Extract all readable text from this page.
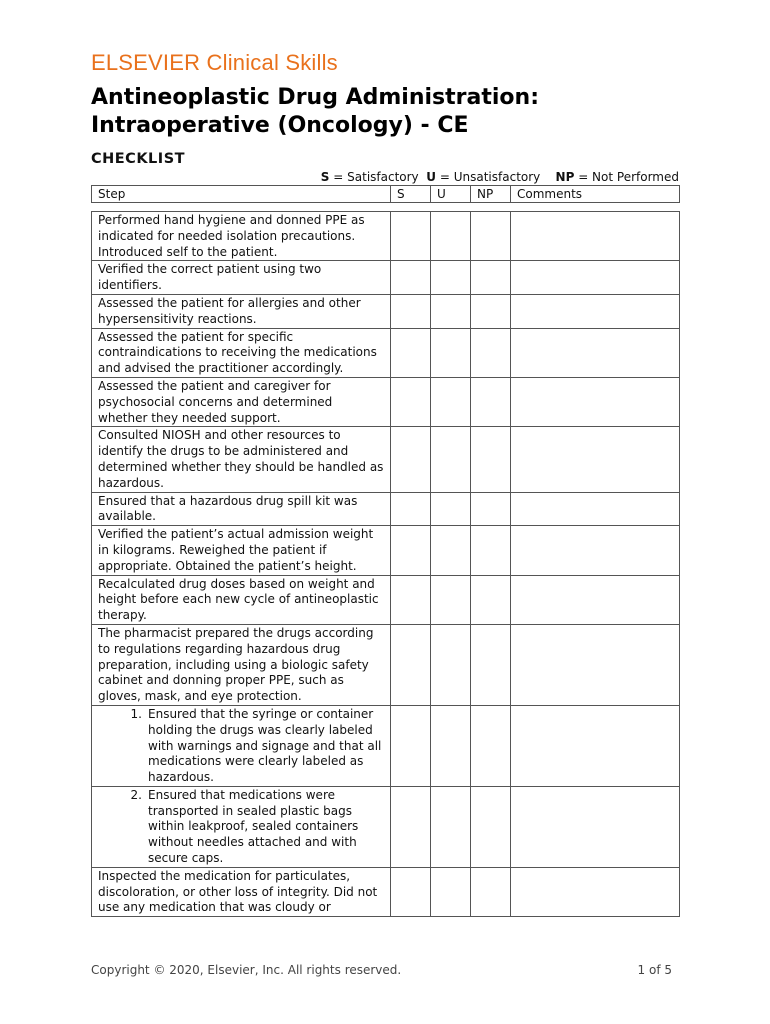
ELSEVIER Clinical Skills
Antineoplastic Drug Administration:
Intraoperative (Oncology) - CE
CHECKLIST
S = Satisfactory  U = Unsatisfactory    NP = Not Performed
Step	S	U	NP	Comments
Performed hand hygiene and donned PPE as indicated for needed isolation precautions. Introduced self to the patient.				
Verified the correct patient using two identifiers.				
Assessed the patient for allergies and other hypersensitivity reactions.				
Assessed the patient for specific contraindications to receiving the medications and advised the practitioner accordingly.				
Assessed the patient and caregiver for psychosocial concerns and determined whether they needed support.				
Consulted NIOSH and other resources to identify the drugs to be administered and determined whether they should be handled as hazardous.				
Ensured that a hazardous drug spill kit was available.				
Verified the patient’s actual admission weight in kilograms. Reweighed the patient if appropriate. Obtained the patient’s height.				
Recalculated drug doses based on weight and height before each new cycle of antineoplastic therapy.				
The pharmacist prepared the drugs according to regulations regarding hazardous drug preparation, including using a biologic safety cabinet and donning proper PPE, such as gloves, mask, and eye protection.				

1. Ensured that the syringe or container holding the drugs was clearly labeled with warnings and signage and that all medications were clearly labeled as hazardous.				

2. Ensured that medications were transported in sealed plastic bags within leakproof, sealed containers without needles attached and with secure caps.				

Inspected the medication for particulates, discoloration, or other loss of integrity. Did not use any medication that was cloudy or				
Copyright © 2020, Elsevier, Inc. All rights reserved.	1 of 5
